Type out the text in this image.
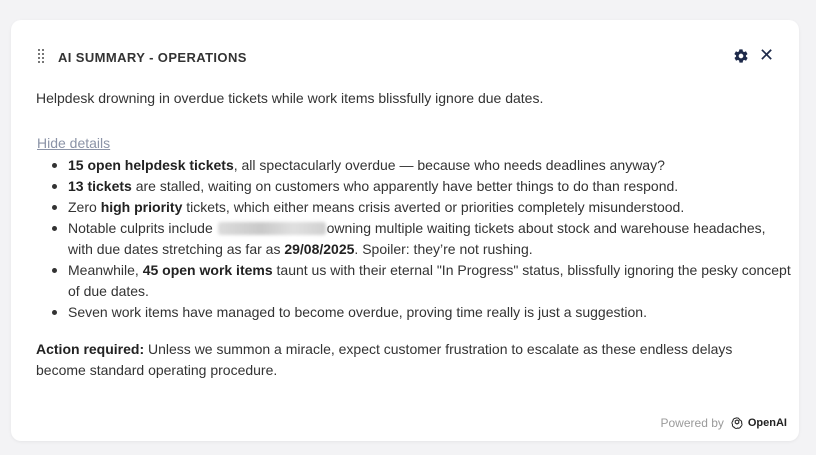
AI SUMMARY - OPERATIONS	✕
Helpdesk drowning in overdue tickets while work items blissfully ignore due dates.
Hide details
15 open helpdesk tickets, all spectacularly overdue — because who needs deadlines anyway?
13 tickets are stalled, waiting on customers who apparently have better things to do than respond.
Zero high priority tickets, which either means crisis averted or priorities completely misunderstood.
Notable culprits include	owning multiple waiting tickets about stock and warehouse headaches, with due dates stretching as far as 29/08/2025. Spoiler: they’re not rushing.
Meanwhile, 45 open work items taunt us with their eternal "In Progress" status, blissfully ignoring the pesky concept of due dates.
Seven work items have managed to become overdue, proving time really is just a suggestion.
Action required: Unless we summon a miracle, expect customer frustration to escalate as these endless delays become standard operating procedure.
Powered by OpenAI
